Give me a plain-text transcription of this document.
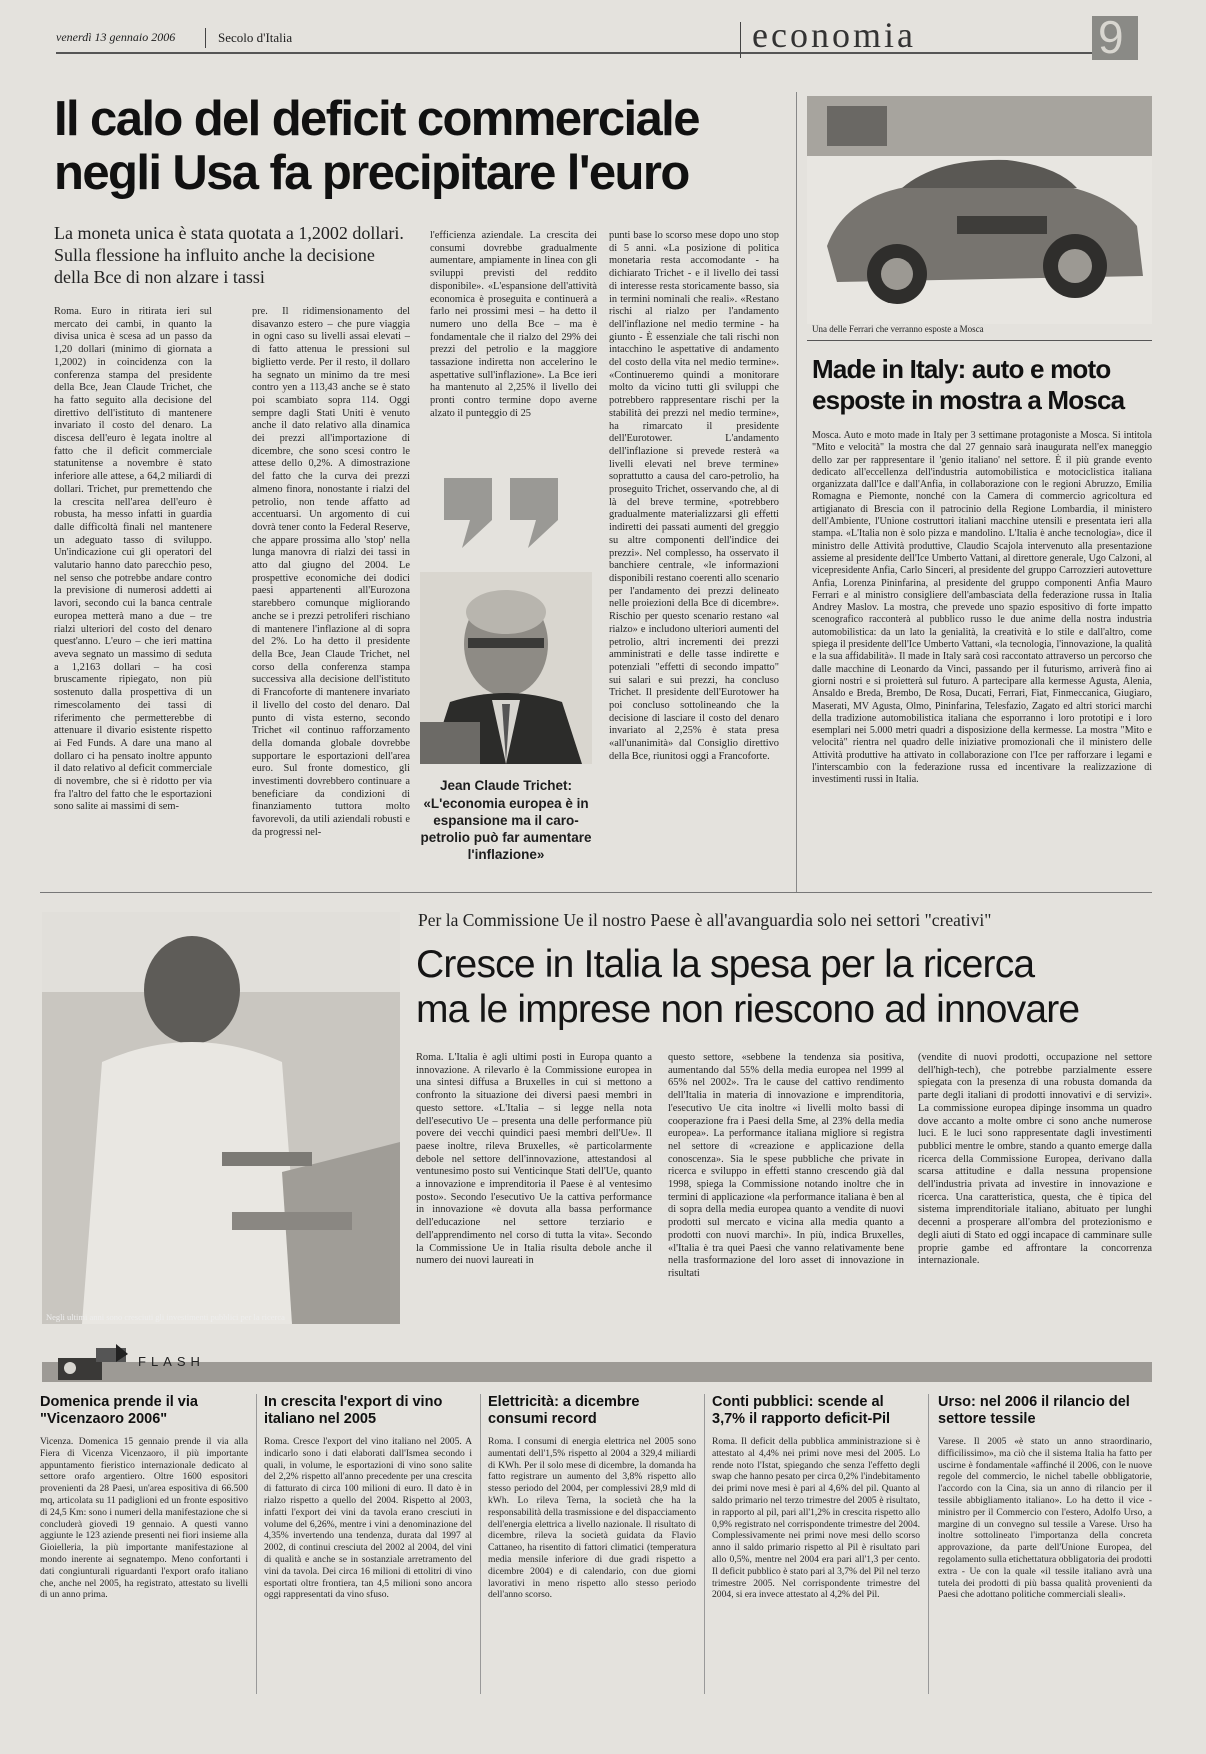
venerdì 13 gennaio 2006	Secolo d'Italia	economia	9
Il calo del deficit commerciale
negli Usa fa precipitare l'euro
La moneta unica è stata quotata a 1,2002 dollari. Sulla flessione ha influito anche la decisione della Bce di non alzare i tassi
Roma. Euro in ritirata ieri sul mercato dei cambi, in quanto la divisa unica è scesa ad un passo da 1,20 dollari (minimo di giornata a 1,2002) in coincidenza con la conferenza stampa del presidente della Bce, Jean Claude Trichet, che ha fatto seguito alla decisione del direttivo dell'istituto di mantenere invariato il costo del denaro. La discesa dell'euro è legata inoltre al fatto che il deficit commerciale statunitense a novembre è stato inferiore alle attese, a 64,2 miliardi di dollari. Trichet, pur premettendo che la crescita nell'area dell'euro è robusta, ha messo infatti in guardia dalle difficoltà finali nel mantenere un adeguato tasso di sviluppo. Un'indicazione cui gli operatori del valutario hanno dato parecchio peso, nel senso che potrebbe andare contro la previsione di numerosi addetti ai lavori, secondo cui la banca centrale europea metterà mano a due – tre rialzi ulteriori del costo del denaro quest'anno. L'euro – che ieri mattina aveva segnato un massimo di seduta a 1,2163 dollari – ha così bruscamente ripiegato, non più sostenuto dalla prospettiva di un rimescolamento dei tassi di riferimento che permetterebbe di attenuare il divario esistente rispetto ai Fed Funds. A dare una mano al dollaro ci ha pensato inoltre appunto il dato relativo al deficit commerciale di novembre, che si è ridotto per via fra l'altro del fatto che le esportazioni sono salite ai massimi di sem-
pre. Il ridimensionamento del disavanzo estero – che pure viaggia in ogni caso su livelli assai elevati – di fatto attenua le pressioni sul biglietto verde. Per il resto, il dollaro ha segnato un minimo da tre mesi contro yen a 113,43 anche se è stato poi scambiato sopra 114. Oggi sempre dagli Stati Uniti è venuto anche il dato relativo alla dinamica dei prezzi all'importazione di dicembre, che sono scesi contro le attese dello 0,2%. A dimostrazione del fatto che la curva dei prezzi almeno finora, nonostante i rialzi del petrolio, non tende affatto ad accentuarsi. Un argomento di cui dovrà tener conto la Federal Reserve, che appare prossima allo 'stop' nella lunga manovra di rialzi dei tassi in atto dal giugno del 2004. Le prospettive economiche dei dodici paesi appartenenti all'Eurozona starebbero comunque migliorando anche se i prezzi petroliferi rischiano di mantenere l'inflazione al di sopra del 2%. Lo ha detto il presidente della Bce, Jean Claude Trichet, nel corso della conferenza stampa successiva alla decisione dell'istituto di Francoforte di mantenere invariato il livello del costo del denaro. Dal punto di vista esterno, secondo Trichet «il continuo rafforzamento della domanda globale dovrebbe supportare le esportazioni dell'area euro. Sul fronte domestico, gli investimenti dovrebbero continuare a beneficiare da condizioni di finanziamento tuttora molto favorevoli, da utili aziendali robusti e da progressi nel-
l'efficienza aziendale. La crescita dei consumi dovrebbe gradualmente aumentare, ampiamente in linea con gli sviluppi previsti del reddito disponibile». «L'espansione dell'attività economica è proseguita e continuerà a farlo nei prossimi mesi – ha detto il numero uno della Bce – ma è fondamentale che il rialzo del 29% dei prezzi del petrolio e la maggiore tassazione indiretta non accelerino le aspettative sull'inflazione». La Bce ieri ha mantenuto al 2,25% il livello dei pronti contro termine dopo averne alzato il punteggio di 25
punti base lo scorso mese dopo uno stop di 5 anni. «La posizione di politica monetaria resta accomodante - ha dichiarato Trichet - e il livello dei tassi di interesse resta storicamente basso, sia in termini nominali che reali». «Restano rischi al rialzo per l'andamento dell'inflazione nel medio termine - ha giunto - È essenziale che tali rischi non intacchino le aspettative di andamento del costo della vita nel medio termine». «Continueremo quindi a monitorare molto da vicino tutti gli sviluppi che potrebbero rappresentare rischi per la stabilità dei prezzi nel medio termine», ha rimarcato il presidente dell'Eurotower. L'andamento dell'inflazione si prevede resterà «a livelli elevati nel breve termine» soprattutto a causa del caro-petrolio, ha proseguito Trichet, osservando che, al di là del breve termine, «potrebbero gradualmente materializzarsi gli effetti indiretti dei passati aumenti del greggio su altre componenti dell'indice dei prezzi». Nel complesso, ha osservato il banchiere centrale, «le informazioni disponibili restano coerenti allo scenario per l'andamento dei prezzi delineato nelle proiezioni della Bce di dicembre». Rischio per questo scenario restano «al rialzo» e includono ulteriori aumenti del petrolio, altri incrementi dei prezzi amministrati e delle tasse indirette e potenziali "effetti di secondo impatto" sui salari e sui prezzi, ha concluso Trichet. Il presidente dell'Eurotower ha poi concluso sottolineando che la decisione di lasciare il costo del denaro invariato al 2,25% è stata presa «all'unanimità» dal Consiglio direttivo della Bce, riunitosi oggi a Francoforte.
Jean Claude Trichet:
«L'economia europea è in espansione ma il caro-petrolio può far aumentare l'inflazione»
Una delle Ferrari che verranno esposte a Mosca
Made in Italy: auto e moto esposte in mostra a Mosca
Mosca. Auto e moto made in Italy per 3 settimane protagoniste a Mosca. Si intitola "Mito e velocità" la mostra che dal 27 gennaio sarà inaugurata nell'ex maneggio dello zar per rappresentare il 'genio italiano' nel settore. È il più grande evento dedicato all'eccellenza dell'industria automobilistica e motociclistica italiana organizzata dall'Ice e dall'Anfia, in collaborazione con le regioni Abruzzo, Emilia Romagna e Piemonte, nonché con la Camera di commercio agricoltura ed artigianato di Brescia con il patrocinio della Regione Lombardia, il ministero dell'Ambiente, l'Unione costruttori italiani macchine utensili e presentata ieri alla stampa. «L'Italia non è solo pizza e mandolino. L'Italia è anche tecnologia», dice il ministro delle Attività produttive, Claudio Scajola intervenuto alla presentazione assieme al presidente dell'Ice Umberto Vattani, al direttore generale, Ugo Calzoni, al vicepresidente Anfia, Carlo Sinceri, al presidente del gruppo Carrozzieri autovetture Anfia, Lorenza Pininfarina, al presidente del gruppo componenti Anfia Mauro Ferrari e al ministro consigliere dell'ambasciata della federazione russa in Italia Andrey Maslov. La mostra, che prevede uno spazio espositivo di forte impatto scenografico racconterà al pubblico russo le due anime della nostra industria automobilistica: da un lato la genialità, la creatività e lo stile e dall'altro, come spiega il presidente dell'Ice Umberto Vattani, «la tecnologia, l'innovazione, la qualità e la sua affidabilità». Il made in Italy sarà così raccontato attraverso un percorso che dalle macchine di Leonardo da Vinci, passando per il futurismo, arriverà fino ai giorni nostri e si proietterà sul futuro. A partecipare alla kermesse Agusta, Alenia, Ansaldo e Breda, Brembo, De Rosa, Ducati, Ferrari, Fiat, Finmeccanica, Giugiaro, Maserati, MV Agusta, Olmo, Pininfarina, Telesfazio, Zagato ed altri storici marchi della tradizione automobilistica italiana che esporranno i loro prototipi e i loro esemplari nei 5.000 metri quadri a disposizione della kermesse. La mostra "Mito e velocità" rientra nel quadro delle iniziative promozionali che il ministero delle Attività produttive ha attivato in collaborazione con l'Ice per rafforzare i legami e l'interscambio con la federazione russa ed incentivare la realizzazione di investimenti russi in Italia.
Negli ultimi anni sono cresciuti gli investimenti pubblici per la ricerca
Per la Commissione Ue il nostro Paese è all'avanguardia solo nei settori "creativi"
Cresce in Italia la spesa per la ricerca
ma le imprese non riescono ad innovare
Roma. L'Italia è agli ultimi posti in Europa quanto a innovazione. A rilevarlo è la Commissione europea in una sintesi diffusa a Bruxelles in cui si mettono a confronto la situazione dei diversi paesi membri in questo settore. «L'Italia – si legge nella nota dell'esecutivo Ue – presenta una delle performance più povere dei vecchi quindici paesi membri dell'Ue». Il paese inoltre, rileva Bruxelles, «è particolarmente debole nel settore dell'innovazione, attestandosi al ventunesimo posto sui Venticinque Stati dell'Ue, quanto a innovazione e imprenditoria il Paese è al ventesimo posto». Secondo l'esecutivo Ue la cattiva performance in innovazione «è dovuta alla bassa performance dell'educazione nel settore terziario e dell'apprendimento nel corso di tutta la vita». Secondo la Commissione Ue in Italia risulta debole anche il numero dei nuovi laureati in
questo settore, «sebbene la tendenza sia positiva, aumentando dal 55% della media europea nel 1999 al 65% nel 2002». Tra le cause del cattivo rendimento dell'Italia in materia di innovazione e imprenditoria, l'esecutivo Ue cita inoltre «i livelli molto bassi di cooperazione fra i Paesi della Sme, al 23% della media europea». La performance italiana migliore si registra nel settore di «creazione e applicazione della conoscenza». Sia le spese pubbliche che private in ricerca e sviluppo in effetti stanno crescendo già dal 1998, spiega la Commissione notando inoltre che in termini di applicazione «la performance italiana è ben al di sopra della media europea quanto a vendite di nuovi prodotti sul mercato e vicina alla media quanto a prodotti con nuovi marchi». In più, indica Bruxelles, «l'Italia è tra quei Paesi che vanno relativamente bene nella trasformazione del loro asset di innovazione in risultati
(vendite di nuovi prodotti, occupazione nel settore dell'high-tech), che potrebbe parzialmente essere spiegata con la presenza di una robusta domanda da parte degli italiani di prodotti innovativi e di servizi». La commissione europea dipinge insomma un quadro dove accanto a molte ombre ci sono anche numerose luci. E le luci sono rappresentate dagli investimenti pubblici mentre le ombre, stando a quanto emerge dalla ricerca della Commissione Europea, derivano dalla scarsa attitudine e dalla nessuna propensione dell'industria privata ad investire in innovazione e ricerca. Una caratteristica, questa, che è tipica del sistema imprenditoriale italiano, abituato per lunghi decenni a prosperare all'ombra del protezionismo e degli aiuti di Stato ed oggi incapace di camminare sulle proprie gambe ed affrontare la concorrenza internazionale.
FLASH
Domenica prende il via "Vicenzaoro 2006"
Vicenza. Domenica 15 gennaio prende il via alla Fiera di Vicenza Vicenzaoro, il più importante appuntamento fieristico internazionale dedicato al settore orafo argentiero. Oltre 1600 espositori provenienti da 28 Paesi, un'area espositiva di 66.500 mq, articolata su 11 padiglioni ed un fronte espositivo di 24,5 Km: sono i numeri della manifestazione che si concluderà giovedì 19 gennaio. A questi vanno aggiunte le 123 aziende presenti nei fiori insieme alla Gioielleria, la più importante manifestazione al mondo inerente ai segnatempo. Meno confortanti i dati congiunturali riguardanti l'export orafo italiano che, anche nel 2005, ha registrato, attestato su livelli di un anno prima.
In crescita l'export di vino italiano nel 2005
Roma. Cresce l'export del vino italiano nel 2005. A indicarlo sono i dati elaborati dall'Ismea secondo i quali, in volume, le esportazioni di vino sono salite del 2,2% rispetto all'anno precedente per una crescita di fatturato di circa 100 milioni di euro. Il dato è in rialzo rispetto a quello del 2004. Rispetto al 2003, infatti l'export dei vini da tavola erano cresciuti in volume del 6,26%, mentre i vini a denominazione del 4,35% invertendo una tendenza, durata dal 1997 al 2002, di continui cresciuta del 2002 al 2004, del vini di qualità e anche se in sostanziale arretramento del vini da tavola. Dei circa 16 milioni di ettolitri di vino esportati oltre frontiera, tan 4,5 milioni sono ancora oggi rappresentati da vino sfuso.
Elettricità: a dicembre consumi record
Roma. I consumi di energia elettrica nel 2005 sono aumentati dell'1,5% rispetto al 2004 a 329,4 miliardi di KWh. Per il solo mese di dicembre, la domanda ha fatto registrare un aumento del 3,8% rispetto allo stesso periodo del 2004, per complessivi 28,9 mld di kWh. Lo rileva Terna, la società che ha la responsabilità della trasmissione e del dispacciamento dell'energia elettrica a livello nazionale. Il risultato di dicembre, rileva la società guidata da Flavio Cattaneo, ha risentito di fattori climatici (temperatura media mensile inferiore di due gradi rispetto a dicembre 2004) e di calendario, con due giorni lavorativi in meno rispetto allo stesso periodo dell'anno scorso.
Conti pubblici: scende al 3,7% il rapporto deficit-Pil
Roma. Il deficit della pubblica amministrazione si è attestato al 4,4% nei primi nove mesi del 2005. Lo rende noto l'Istat, spiegando che senza l'effetto degli swap che hanno pesato per circa 0,2% l'indebitamento dei primi nove mesi è pari al 4,6% del pil. Quanto al saldo primario nel terzo trimestre del 2005 è risultato, in rapporto al pil, pari all'1,2% in crescita rispetto allo 0,9% registrato nel corrispondente trimestre del 2004. Complessivamente nei primi nove mesi dello scorso anno il saldo primario rispetto al Pil è risultato pari allo 0,5%, mentre nel 2004 era pari all'1,3 per cento. Il deficit pubblico è stato pari al 3,7% del Pil nel terzo trimestre 2005. Nel corrispondente trimestre del 2004, si era invece attestato al 4,2% del Pil.
Urso: nel 2006 il rilancio del settore tessile
Varese. Il 2005 «è stato un anno straordinario, difficilissimo», ma ciò che il sistema Italia ha fatto per uscirne è fondamentale «affinché il 2006, con le nuove regole del commercio, le nichel tabelle obbligatorie, l'accordo con la Cina, sia un anno di rilancio per il tessile abbigliamento italiano». Lo ha detto il vice - ministro per il Commercio con l'estero, Adolfo Urso, a margine di un convegno sul tessile a Varese. Urso ha inoltre sottolineato l'importanza della concreta approvazione, da parte dell'Unione Europea, del regolamento sulla etichettatura obbligatoria dei prodotti extra - Ue con la quale «il tessile italiano avrà una tutela dei prodotti di più bassa qualità provenienti da Paesi che adottano politiche commerciali sleali».
